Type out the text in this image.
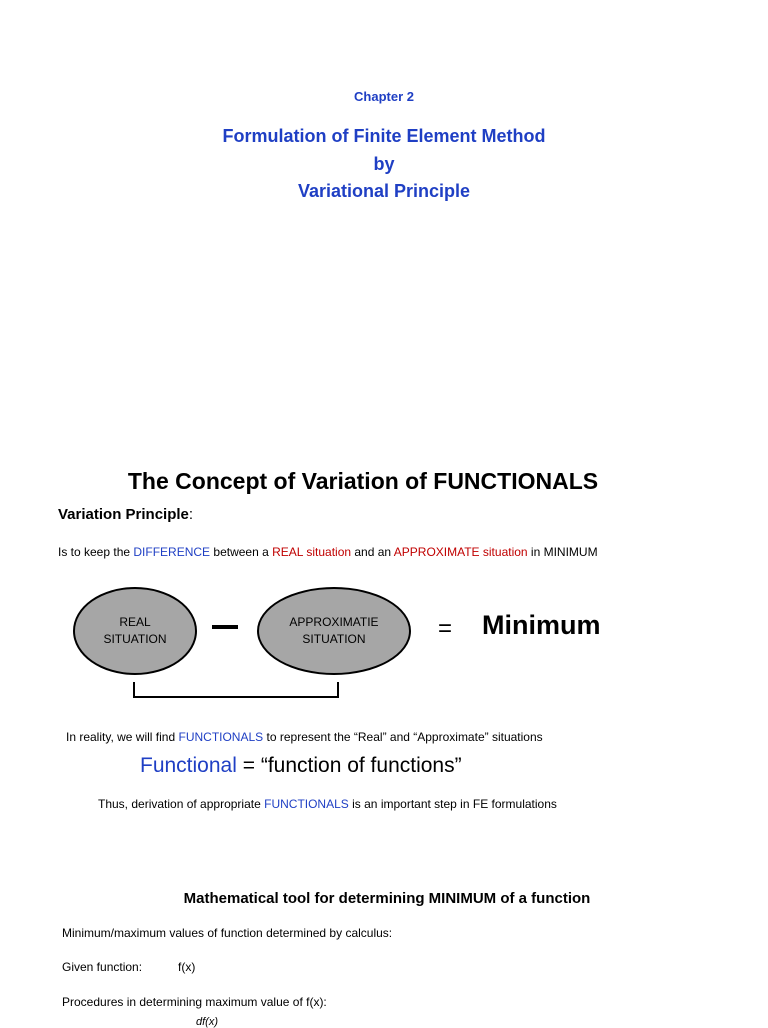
Chapter 2
Formulation of Finite Element Method
by
Variational Principle
The Concept of Variation of FUNCTIONALS
Variation Principle:
Is to keep the DIFFERENCE between a REAL situation and an APPROXIMATE situation in MINIMUM
REAL
SITUATION
APPROXIMATIE
SITUATION	= Minimum
In reality, we will find FUNCTIONALS to represent the “Real” and “Approximate” situations
Functional = “function of functions”
Thus, derivation of appropriate FUNCTIONALS is an important step in FE formulations
Mathematical tool for determining MINIMUM of a function
Minimum/maximum values of function determined by calculus:
Given function:	f(x)
Procedures in determining maximum value of f(x):
df(x)
